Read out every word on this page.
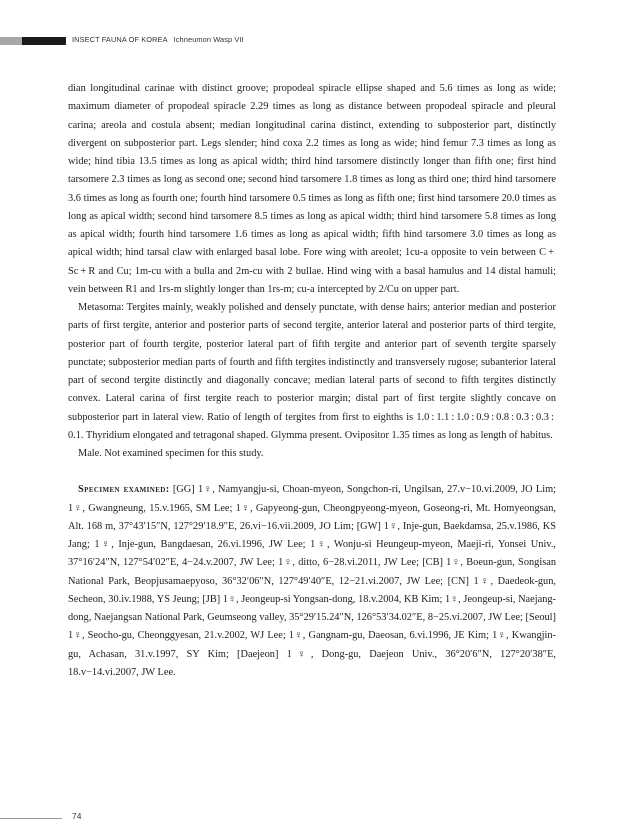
INSECT FAUNA OF KOREA Ichneumon Wasp VII

dian longitudinal carinae with distinct groove; propodeal spiracle ellipse shaped and 5.6 times as long as wide; maximum diameter of propodeal spiracle 2.29 times as long as distance between propodeal spiracle and pleural carina; areola and costula absent; median longitudinal carina distinct, extending to subposterior part, distinctly divergent on subposterior part. Legs slender; hind coxa 2.2 times as long as wide; hind femur 7.3 times as long as wide; hind tibia 13.5 times as long as apical width; third hind tarsomere distinctly longer than fifth one; first hind tarsomere 2.3 times as long as second one; second hind tarsomere 1.8 times as long as third one; third hind tarsomere 3.6 times as long as fourth one; fourth hind tarsomere 0.5 times as long as fifth one; first hind tarsomere 20.0 times as long as apical width; second hind tarsomere 8.5 times as long as apical width; third hind tarsomere 5.8 times as long as apical width; fourth hind tarsomere 1.6 times as long as apical width; fifth hind tarsomere 3.0 times as long as apical width; hind tarsal claw with enlarged basal lobe. Fore wing with areolet; 1cu-a opposite to vein between C + Sc + R and Cu; 1m-cu with a bulla and 2m-cu with 2 bullae. Hind wing with a basal hamulus and 14 distal hamuli; vein between R1 and 1rs-m slightly longer than 1rs-m; cu-a intercepted by 2/Cu on upper part.

Metasoma: Tergites mainly, weakly polished and densely punctate, with dense hairs; anterior median and posterior parts of first tergite, anterior and posterior parts of second tergite, anterior lateral and posterior parts of third tergite, posterior part of fourth tergite, posterior lateral part of fifth tergite and anterior part of seventh tergite sparsely punctate; subposterior median parts of fourth and fifth tergites indistinctly and transversely rugose; subanterior lateral part of second tergite distinctly and diagonally concave; median lateral parts of second to fifth tergites distinctly convex. Lateral carina of first tergite reach to posterior margin; distal part of first tergite slightly concave on subposterior part in lateral view. Ratio of length of tergites from first to eighths is 1.0 : 1.1 : 1.0 : 0.9 : 0.8 : 0.3 : 0.3 : 0.1. Thyridium elongated and tetragonal shaped. Glymma present. Ovipositor 1.35 times as long as length of habitus.

Male. Not examined specimen for this study.

Specimen examined: [GG] 1♀, Namyangju-si, Choan-myeon, Songchon-ri, Ungilsan, 27.v−10.vi.2009, JO Lim; 1♀, Gwangneung, 15.v.1965, SM Lee; 1♀, Gapyeong-gun, Cheongpyeong-myeon, Goseong-ri, Mt. Homyeongsan, Alt. 168 m, 37°43′15″N, 127°29′18.9″E, 26.vi−16.vii.2009, JO Lim; [GW] 1♀, Inje-gun, Baekdamsa, 25.v.1986, KS Jang; 1♀, Inje-gun, Bangdaesan, 26.vi.1996, JW Lee; 1♀, Wonju-si Heungeup-myeon, Maeji-ri, Yonsei Univ., 37°16′24″N, 127°54′02″E, 4−24.v.2007, JW Lee; 1♀, ditto, 6−28.vi.2011, JW Lee; [CB] 1♀, Boeun-gun, Songisan National Park, Beopjusamaepyoso, 36°32′06″N, 127°49′40″E, 12−21.vi.2007, JW Lee; [CN] 1♀, Daedeok-gun, Secheon, 30.iv.1988, YS Jeung; [JB] 1♀, Jeongeup-si Yongsan-dong, 18.v.2004, KB Kim; 1♀, Jeongeup-si, Naejang-dong, Naejangsan National Park, Geumseong valley, 35°29′15.24″N, 126°53′34.02″E, 8−25.vi.2007, JW Lee; [Seoul] 1♀, Seocho-gu, Cheonggyesan, 21.v.2002, WJ Lee; 1♀, Gangnam-gu, Daeosan, 6.vi.1996, JE Kim; 1♀, Kwangjin-gu, Achasan, 31.v.1997, SY Kim; [Daejeon] 1♀, Dong-gu, Daejeon Univ., 36°20′6″N, 127°20′38″E, 18.v−14.vi.2007, JW Lee.

74
